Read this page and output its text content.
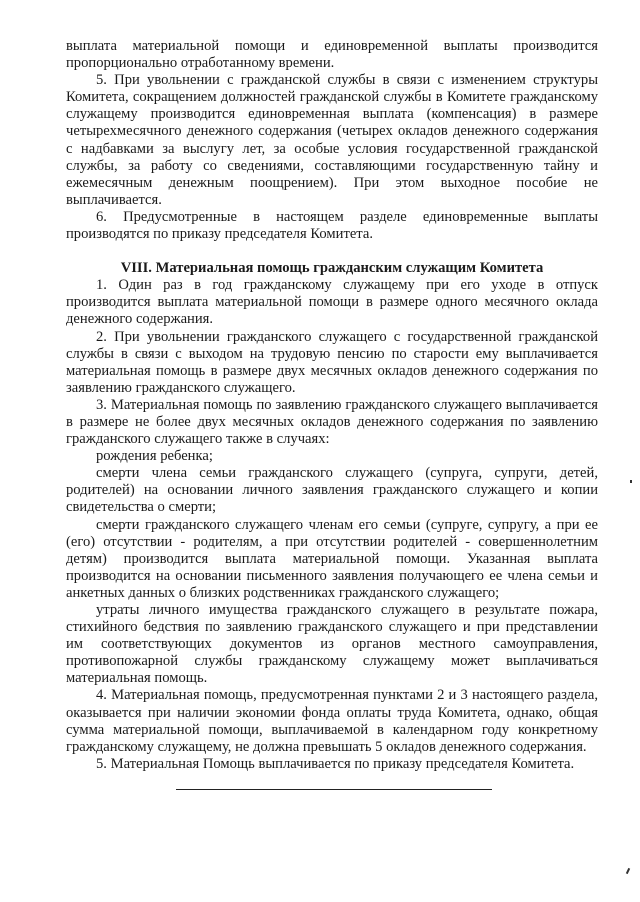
выплата материальной помощи и единовременной выплаты производится пропорционально отработанному времени.

5. При увольнении с гражданской службы в связи с изменением структуры Комитета, сокращением должностей гражданской службы в Комитете гражданскому служащему производится единовременная выплата (компенсация) в размере четырехмесячного денежного содержания (четырех окладов денежного содержания с надбавками за выслугу лет, за особые условия государственной гражданской службы, за работу со сведениями, составляющими государственную тайну и ежемесячным денежным поощрением). При этом выходное пособие не выплачивается.

6. Предусмотренные в настоящем разделе единовременные выплаты производятся по приказу председателя Комитета.

VIII. Материальная помощь гражданским служащим Комитета

1. Один раз в год гражданскому служащему при его уходе в отпуск производится выплата материальной помощи в размере одного месячного оклада денежного содержания.

2. При увольнении гражданского служащего с государственной гражданской службы в связи с выходом на трудовую пенсию по старости ему выплачивается материальная помощь в размере двух месячных окладов денежного содержания по заявлению гражданского служащего.

3. Материальная помощь по заявлению гражданского служащего выплачивается в размере не более двух месячных окладов денежного содержания по заявлению гражданского служащего также в случаях:

рождения ребенка;

смерти члена семьи гражданского служащего (супруга, супруги, детей, родителей) на основании личного заявления гражданского служащего и копии свидетельства о смерти;

смерти гражданского служащего членам его семьи (супруге, супругу, а при ее (его) отсутствии - родителям, а при отсутствии родителей - совершеннолетним детям) производится выплата материальной помощи. Указанная выплата производится на основании письменного заявления получающего ее члена семьи и анкетных данных о близких родственниках гражданского служащего;

утраты личного имущества гражданского служащего в результате пожара, стихийного бедствия по заявлению гражданского служащего и при представлении им соответствующих документов из органов местного самоуправления, противопожарной службы гражданскому служащему может выплачиваться материальная помощь.

4. Материальная помощь, предусмотренная пунктами 2 и 3 настоящего раздела, оказывается при наличии экономии фонда оплаты труда Комитета, однако, общая сумма материальной помощи, выплачиваемой в календарном году конкретному гражданскому служащему, не должна превышать 5 окладов денежного содержания.

5. Материальная Помощь выплачивается по приказу председателя Комитета.
